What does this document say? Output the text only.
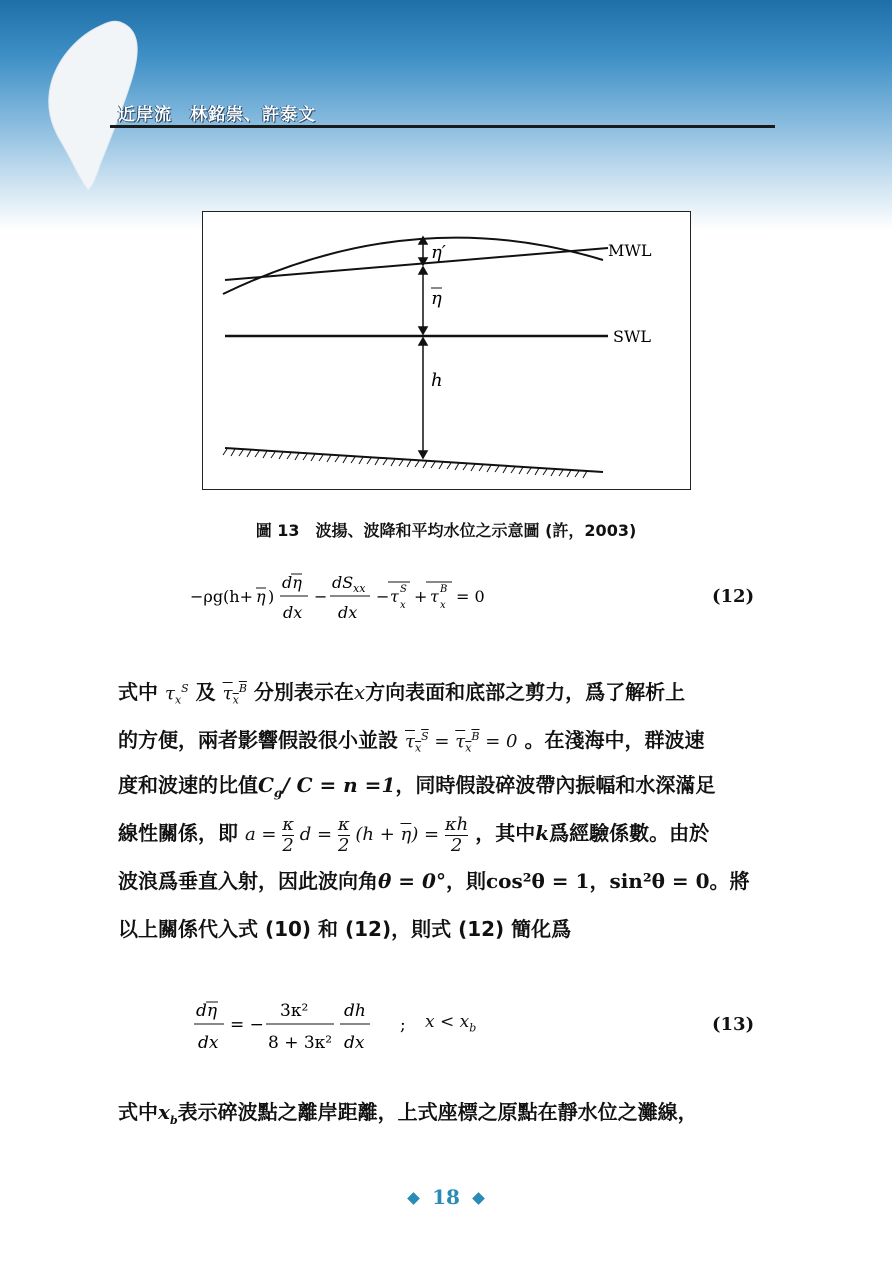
近岸流　林銘崇、許泰文
η′
η
MWL
SWL
h
圖 13　波揚、波降和平均水位之示意圖 (許，2003)
−ρg(h+ η )
dη
dx
−
dS xx
dx
− τ S
x + τ B
x = 0	(12)
式中 $\tau_x^S$ 及 $\tau_x^B$ 分別表示在x方向表面和底部之剪力，爲了解析上
的方便，兩者影響假設很小並設 $\tau_x^S = \tau_x^B = 0$ 。在淺海中，群波速
度和波速的比值$C_g/$ C = n =1，同時假設碎波帶內振幅和水深滿足
線性關係，即 $a = \frac{\kappa}{2}$ $d = \frac{\kappa}{2} (h + \overline{\eta}) = \frac{\kappa h}{2}$ ，其中k爲經驗係數。由於
波浪爲垂直入射，因此波向角θ = 0°，則cos²θ = 1，sin²θ = 0。將
以上關係代入式 (10) 和 (12)，則式 (12) 簡化爲
dη
dx
= −
3κ²
8 + 3κ²
dh
dx
; $x < x_b$	(13)
式中$x_b$表示碎波點之離岸距離，上式座標之原點在靜水位之灘線，
18
